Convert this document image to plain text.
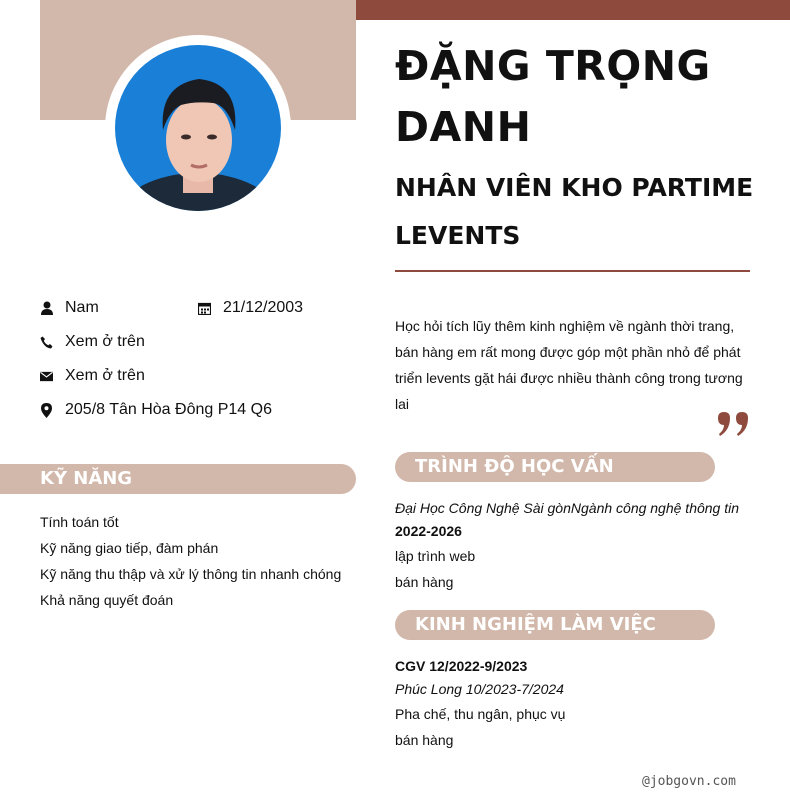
ĐẶNG TRỌNG DANH
NHÂN VIÊN KHO PARTIME LEVENTS
Nam	21/12/2003
Xem ở trên
Xem ở trên
205/8 Tân Hòa Đông P14 Q6
Học hỏi tích lũy thêm kinh nghiệm về ngành thời trang, bán hàng em rất mong được góp một phần nhỏ để phát triển levents gặt hái được nhiều thành công trong tương lai
KỸ NĂNG
Tính toán tốt
Kỹ năng giao tiếp, đàm phán
Kỹ năng thu thập và xử lý thông tin nhanh chóng
Khả năng quyết đoán
TRÌNH ĐỘ HỌC VẤN
Đại Học Công Nghệ Sài gònNgành công nghệ thông tin
2022-2026
lập trình web
bán hàng
KINH NGHIỆM LÀM VIỆC
CGV 12/2022-9/2023
Phúc Long 10/2023-7/2024
Pha chế, thu ngân, phục vụ
bán hàng
@jobgovn.com
